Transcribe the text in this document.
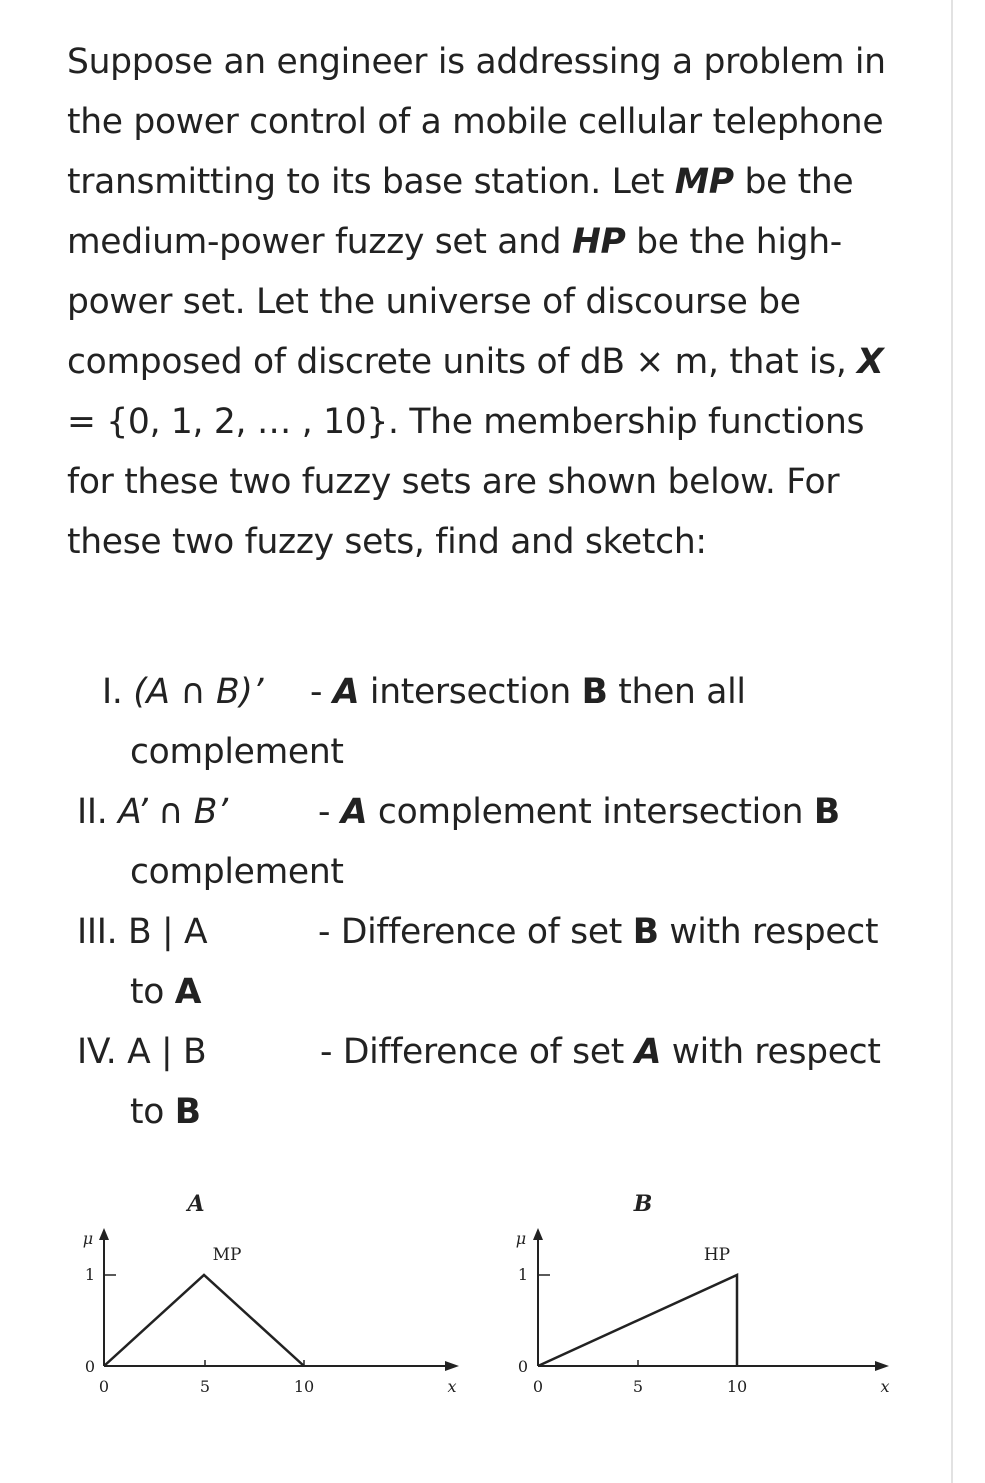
Suppose an engineer is addressing a problem in the power control of a mobile cellular telephone transmitting to its base station. Let MP be the medium-power fuzzy set and HP be the high-power set. Let the universe of discourse be composed of discrete units of dB × m, that is, X = {0, 1, 2, … , 10}. The membership functions for these two fuzzy sets are shown below. For these two fuzzy sets, find and sketch:
I. (A ∩ B)’ - A intersection B then all
complement
II. A’ ∩ B’	- A complement intersection B
complement
III. B | A	- Difference of set B with respect
to A
IV. A | B	- Difference of set A with respect
to B
A
μ
x
1
0
0	5	10
MP
B
μ
x
1
0
0	5	10
HP
